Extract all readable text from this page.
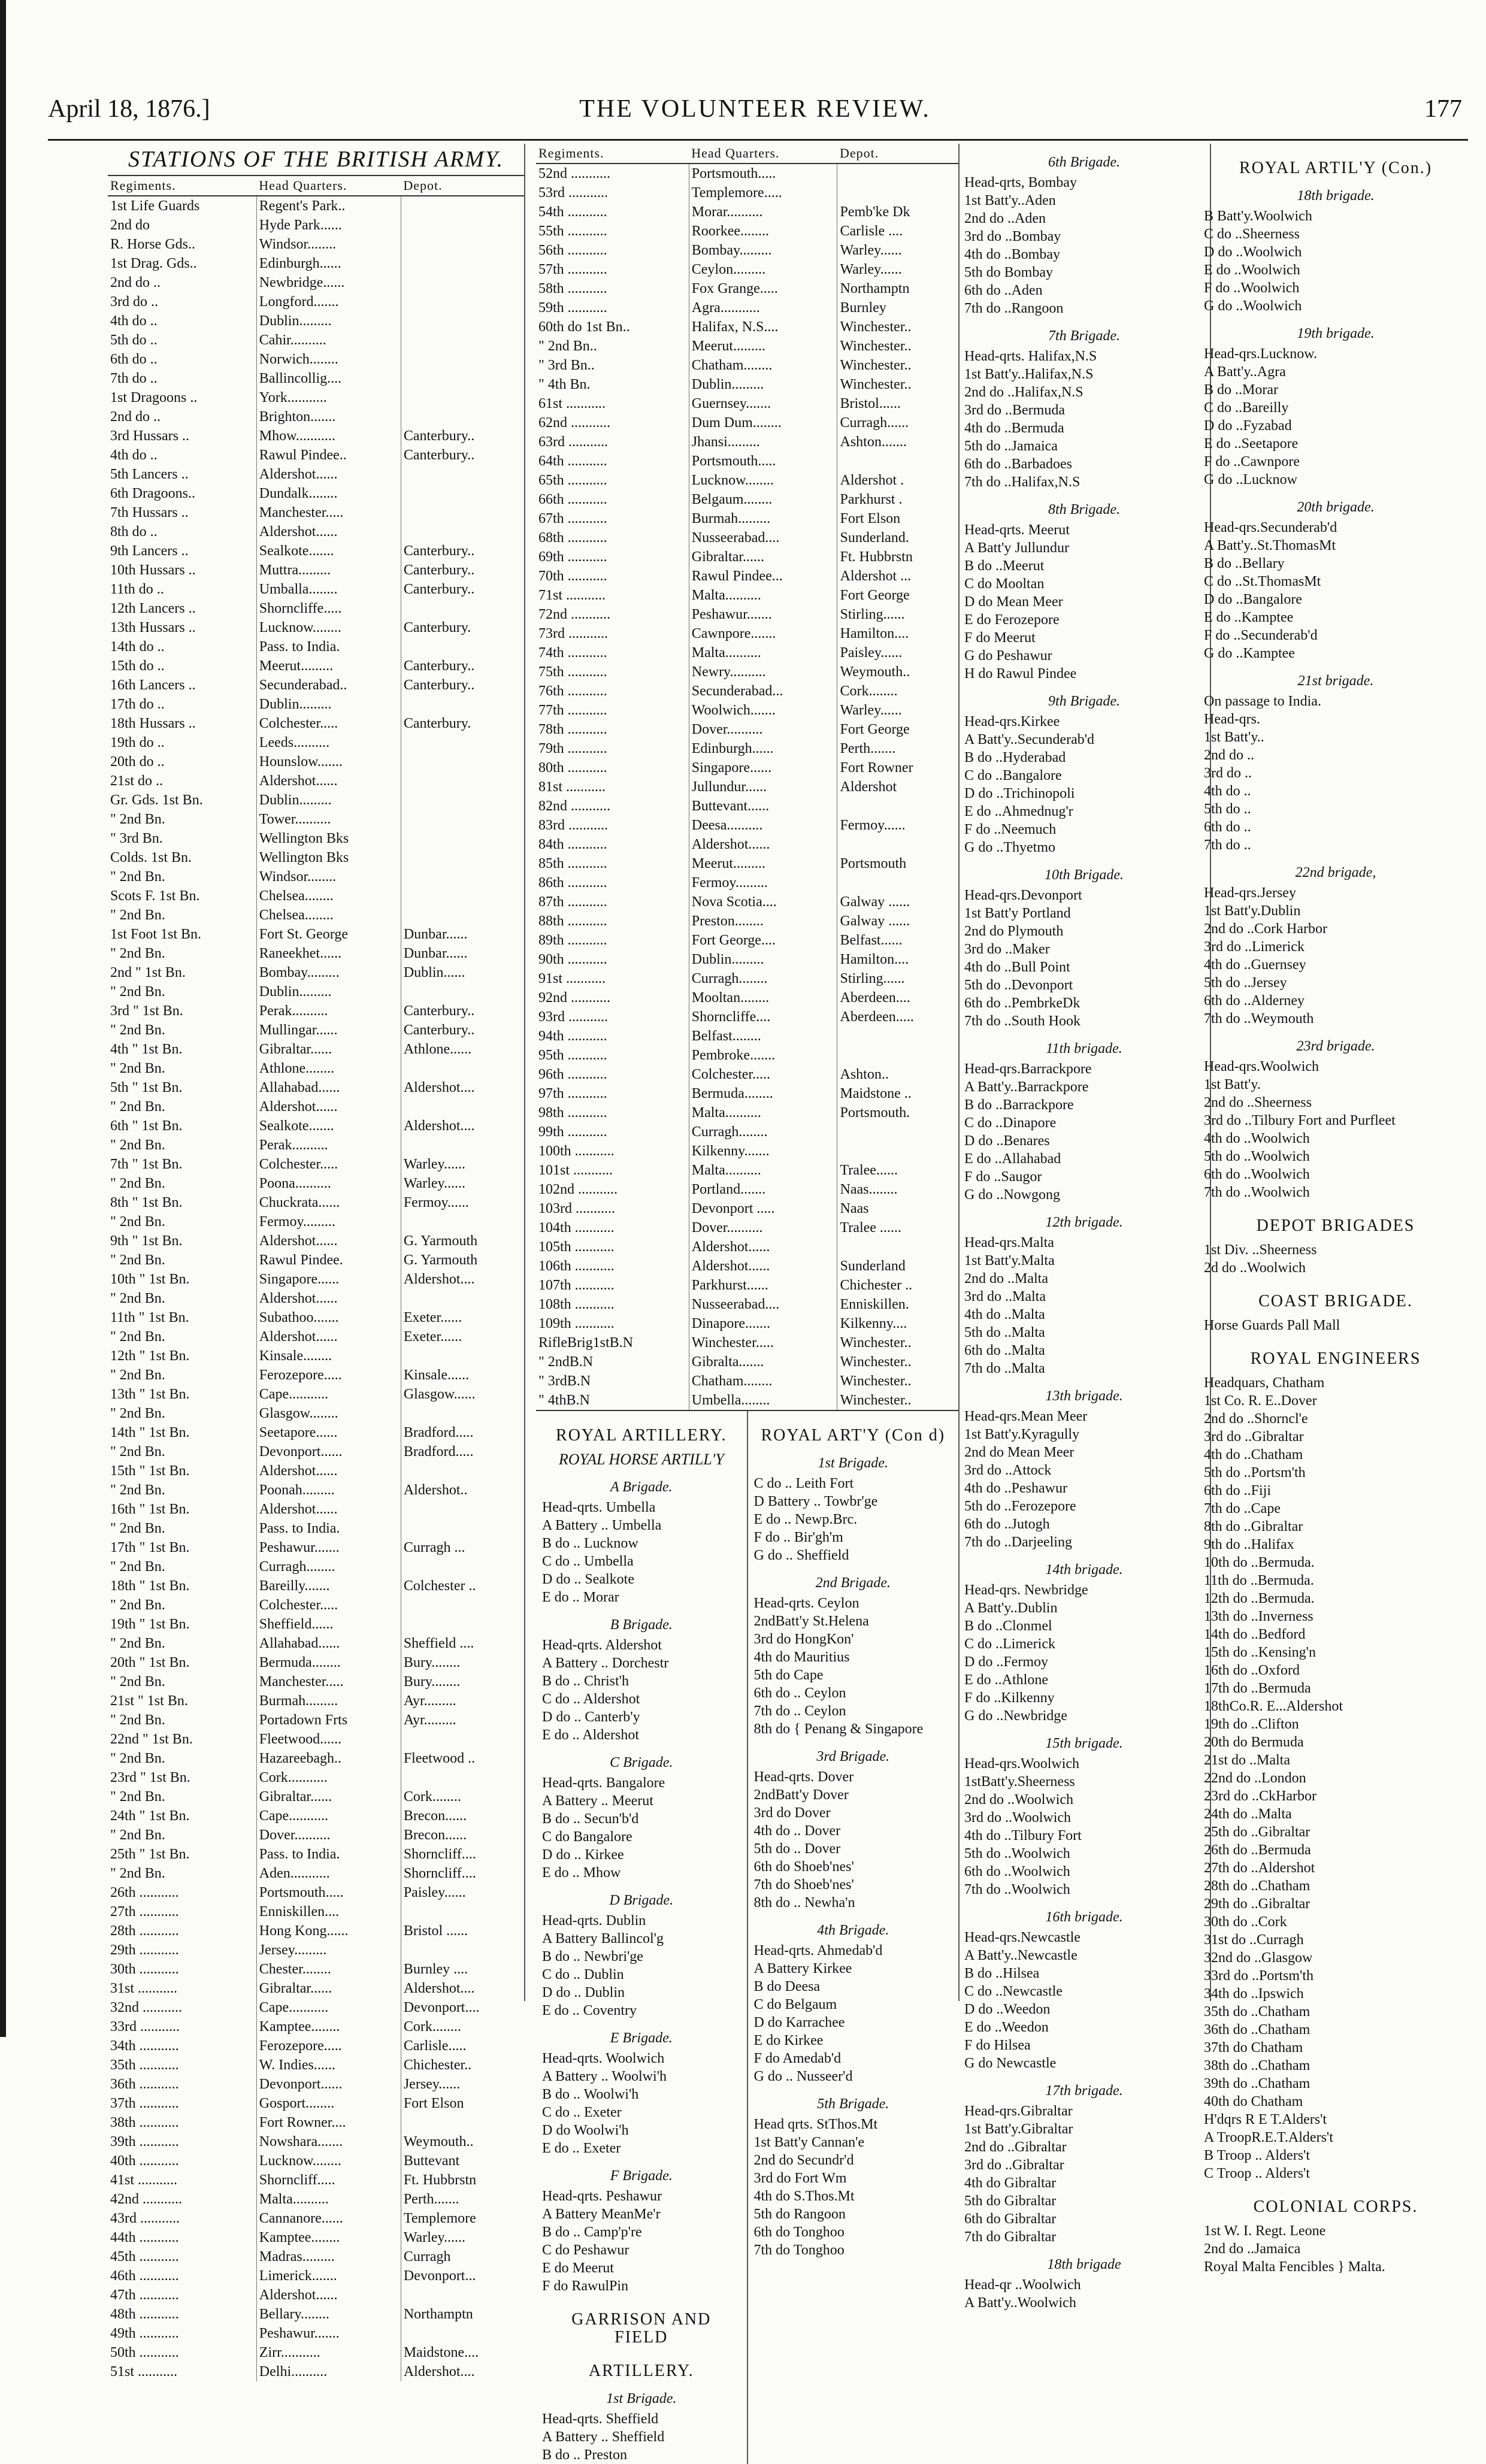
April 18, 1876.]	THE VOLUNTEER REVIEW.	177
STATIONS OF THE BRITISH ARMY.
Regiments.	Head Quarters.	Depot.
1st Life Guards	Regent's Park..	
2nd do	Hyde Park......	
R. Horse Gds..	Windsor........	
1st Drag. Gds..	Edinburgh......	
2nd do ..	Newbridge......	
3rd do ..	Longford.......	
4th do ..	Dublin.........	
5th do ..	Cahir..........	
6th do ..	Norwich........	
7th do ..	Ballincollig....	
1st Dragoons ..	York...........	
2nd do ..	Brighton.......	
3rd Hussars ..	Mhow...........	Canterbury..
4th do ..	Rawul Pindee..	Canterbury..
5th Lancers ..	Aldershot......	
6th Dragoons..	Dundalk........	
7th Hussars ..	Manchester.....	
8th do ..	Aldershot......	
9th Lancers ..	Sealkote.......	Canterbury..
10th Hussars ..	Muttra.........	Canterbury..
11th do ..	Umballa........	Canterbury..
12th Lancers ..	Shorncliffe.....	
13th Hussars ..	Lucknow........	Canterbury.
14th do ..	Pass. to India.	
15th do ..	Meerut.........	Canterbury..
16th Lancers ..	Secunderabad..	Canterbury..
17th do ..	Dublin.........	
18th Hussars ..	Colchester.....	Canterbury.
19th do ..	Leeds..........	
20th do ..	Hounslow.......	
21st do ..	Aldershot......	
Gr. Gds. 1st Bn.	Dublin.........	
" 2nd Bn.	Tower..........	
" 3rd Bn.	Wellington Bks	
Colds. 1st Bn.	Wellington Bks	
" 2nd Bn.	Windsor........	
Scots F. 1st Bn.	Chelsea........	
" 2nd Bn.	Chelsea........	
1st Foot 1st Bn.	Fort St. George	Dunbar......
" 2nd Bn.	Raneekhet......	Dunbar......
2nd " 1st Bn.	Bombay.........	Dublin......
" 2nd Bn.	Dublin.........	
3rd " 1st Bn.	Perak..........	Canterbury..
" 2nd Bn.	Mullingar......	Canterbury..
4th " 1st Bn.	Gibraltar......	Athlone......
" 2nd Bn.	Athlone........	
5th " 1st Bn.	Allahabad......	Aldershot....
" 2nd Bn.	Aldershot......	
6th " 1st Bn.	Sealkote.......	Aldershot....
" 2nd Bn.	Perak..........	
7th " 1st Bn.	Colchester.....	Warley......
" 2nd Bn.	Poona..........	Warley......
8th " 1st Bn.	Chuckrata......	Fermoy......
" 2nd Bn.	Fermoy.........	
9th " 1st Bn.	Aldershot......	G. Yarmouth
" 2nd Bn.	Rawul Pindee.	G. Yarmouth
10th " 1st Bn.	Singapore......	Aldershot....
" 2nd Bn.	Aldershot......	
11th " 1st Bn.	Subathoo.......	Exeter......
" 2nd Bn.	Aldershot......	Exeter......
12th " 1st Bn.	Kinsale........	
" 2nd Bn.	Ferozepore.....	Kinsale......
13th " 1st Bn.	Cape...........	Glasgow......
" 2nd Bn.	Glasgow........	
14th " 1st Bn.	Seetapore......	Bradford.....
" 2nd Bn.	Devonport......	Bradford.....
15th " 1st Bn.	Aldershot......	
" 2nd Bn.	Poonah.........	Aldershot..
16th " 1st Bn.	Aldershot......	
" 2nd Bn.	Pass. to India.	
17th " 1st Bn.	Peshawur.......	Curragh ...
" 2nd Bn.	Curragh........	
18th " 1st Bn.	Bareilly.......	Colchester ..
" 2nd Bn.	Colchester.....	
19th " 1st Bn.	Sheffield......	
" 2nd Bn.	Allahabad......	Sheffield ....
20th " 1st Bn.	Bermuda........	Bury........
" 2nd Bn.	Manchester.....	Bury........
21st " 1st Bn.	Burmah.........	Ayr.........
" 2nd Bn.	Portadown Frts	Ayr.........
22nd " 1st Bn.	Fleetwood......	
" 2nd Bn.	Hazareebagh..	Fleetwood ..
23rd " 1st Bn.	Cork...........	
" 2nd Bn.	Gibraltar......	Cork........
24th " 1st Bn.	Cape...........	Brecon......
" 2nd Bn.	Dover..........	Brecon......
25th " 1st Bn.	Pass. to India.	Shorncliff....
" 2nd Bn.	Aden...........	Shorncliff....
26th ...........	Portsmouth.....	Paisley......
27th ...........	Enniskillen....	
28th ...........	Hong Kong......	Bristol ......
29th ...........	Jersey.........	
30th ...........	Chester........	Burnley ....
31st ...........	Gibraltar......	Aldershot....
32nd ...........	Cape...........	Devonport....
33rd ...........	Kamptee........	Cork........
34th ...........	Ferozepore.....	Carlisle.....
35th ...........	W. Indies......	Chichester..
36th ...........	Devonport......	Jersey......
37th ...........	Gosport........	Fort Elson
38th ...........	Fort Rowner....	
39th ...........	Nowshara.......	Weymouth..
40th ...........	Lucknow........	Buttevant
41st ...........	Shorncliff.....	Ft. Hubbrstn
42nd ...........	Malta..........	Perth.......
43rd ...........	Cannanore......	Templemore
44th ...........	Kamptee........	Warley......
45th ...........	Madras.........	Curragh
46th ...........	Limerick.......	Devonport...
47th ...........	Aldershot......	
48th ...........	Bellary........	Northamptn
49th ...........	Peshawur.......	
50th ...........	Zirr...........	Maidstone....
51st ...........	Delhi..........	Aldershot....
Regiments.	Head Quarters.	Depot.
52nd ...........	Portsmouth.....	
53rd ...........	Templemore.....	
54th ...........	Morar..........	Pemb'ke Dk
55th ...........	Roorkee........	Carlisle ....
56th ...........	Bombay.........	Warley......
57th ...........	Ceylon.........	Warley......
58th ...........	Fox Grange.....	Northamptn
59th ...........	Agra...........	Burnley
60th do 1st Bn..	Halifax, N.S....	Winchester..
" 2nd Bn..	Meerut.........	Winchester..
" 3rd Bn..	Chatham........	Winchester..
" 4th Bn.	Dublin.........	Winchester..
61st ...........	Guernsey.......	Bristol......
62nd ...........	Dum Dum........	Curragh......
63rd ...........	Jhansi.........	Ashton.......
64th ...........	Portsmouth.....	
65th ...........	Lucknow........	Aldershot .
66th ...........	Belgaum........	Parkhurst .
67th ...........	Burmah.........	Fort Elson
68th ...........	Nusseerabad....	Sunderland.
69th ...........	Gibraltar......	Ft. Hubbrstn
70th ...........	Rawul Pindee...	Aldershot ...
71st ...........	Malta..........	Fort George
72nd ...........	Peshawur.......	Stirling......
73rd ...........	Cawnpore.......	Hamilton....
74th ...........	Malta..........	Paisley......
75th ...........	Newry..........	Weymouth..
76th ...........	Secunderabad...	Cork........
77th ...........	Woolwich.......	Warley......
78th ...........	Dover..........	Fort George
79th ...........	Edinburgh......	Perth.......
80th ...........	Singapore......	Fort Rowner
81st ...........	Jullundur......	Aldershot
82nd ...........	Buttevant......	
83rd ...........	Deesa..........	Fermoy......
84th ...........	Aldershot......	
85th ...........	Meerut.........	Portsmouth
86th ...........	Fermoy.........	
87th ...........	Nova Scotia....	Galway ......
88th ...........	Preston........	Galway ......
89th ...........	Fort George....	Belfast......
90th ...........	Dublin.........	Hamilton....
91st ...........	Curragh........	Stirling......
92nd ...........	Mooltan........	Aberdeen....
93rd ...........	Shorncliffe....	Aberdeen.....
94th ...........	Belfast........	
95th ...........	Pembroke.......	
96th ...........	Colchester.....	Ashton..
97th ...........	Bermuda........	Maidstone ..
98th ...........	Malta..........	Portsmouth.
99th ...........	Curragh........	
100th ...........	Kilkenny.......	
101st ...........	Malta..........	Tralee......
102nd ...........	Portland.......	Naas........
103rd ...........	Devonport .....	Naas
104th ...........	Dover..........	Tralee ......
105th ...........	Aldershot......	
106th ...........	Aldershot......	Sunderland
107th ...........	Parkhurst......	Chichester ..
108th ...........	Nusseerabad....	Enniskillen.
109th ...........	Dinapore.......	Kilkenny....
RifleBrig1stB.N	Winchester.....	Winchester..
" 2ndB.N	Gibralta.......	Winchester..
" 3rdB.N	Chatham........	Winchester..
" 4thB.N	Umbella........	Winchester..
ROYAL ARTILLERY.
ROYAL HORSE ARTILL'Y
A Brigade.
Head-qrts. Umbella
A Battery .. Umbella
B do .. Lucknow
C do .. Umbella
D do .. Sealkote
E do .. Morar
B Brigade.
Head-qrts. Aldershot
A Battery .. Dorchestr
B do .. Christ'h
C do .. Aldershot
D do .. Canterb'y
E do .. Aldershot
C Brigade.
Head-qrts. Bangalore
A Battery .. Meerut
B do .. Secun'b'd
C do Bangalore
D do .. Kirkee
E do .. Mhow
D Brigade.
Head-qrts. Dublin
A Battery Ballincol'g
B do .. Newbri'ge
C do .. Dublin
D do .. Dublin
E do .. Coventry
E Brigade.
Head-qrts. Woolwich
A Battery .. Woolwi'h
B do .. Woolwi'h
C do .. Exeter
D do Woolwi'h
E do .. Exeter
F Brigade.
Head-qrts. Peshawur
A Battery MeanMe'r
B do .. Camp'p're
C do Peshawur
E do Meerut
F do RawulPin
GARRISON AND FIELD
ARTILLERY.
1st Brigade.
Head-qrts. Sheffield
A Battery .. Sheffield
B do .. Preston
ROYAL ART'Y (Con d)
1st Brigade.
C do .. Leith Fort
D Battery .. Towbr'ge
E do .. Newp.Brc.
F do .. Bir'gh'm
G do .. Sheffield
2nd Brigade.
Head-qrts. Ceylon
2ndBatt'y St.Helena
3rd do HongKon'
4th do Mauritius
5th do Cape
6th do .. Ceylon
7th do .. Ceylon
8th do { Penang & Singapore
3rd Brigade.
Head-qrts. Dover
2ndBatt'y Dover
3rd do Dover
4th do .. Dover
5th do .. Dover
6th do Shoeb'nes'
7th do Shoeb'nes'
8th do .. Newha'n
4th Brigade.
Head-qrts. Ahmedab'd
A Battery Kirkee
B do Deesa
C do Belgaum
D do Karrachee
E do Kirkee
F do Amedab'd
G do .. Nusseer'd
5th Brigade.
Head qrts. StThos.Mt
1st Batt'y Cannan'e
2nd do Secundr'd
3rd do Fort Wm
4th do S.Thos.Mt
5th do Rangoon
6th do Tonghoo
7th do Tonghoo
6th Brigade.
Head-qrts, Bombay
1st Batt'y..Aden
2nd do ..Aden
3rd do ..Bombay
4th do ..Bombay
5th do Bombay
6th do ..Aden
7th do ..Rangoon
7th Brigade.
Head-qrts. Halifax,N.S
1st Batt'y..Halifax,N.S
2nd do ..Halifax,N.S
3rd do ..Bermuda
4th do ..Bermuda
5th do ..Jamaica
6th do ..Barbadoes
7th do ..Halifax,N.S
8th Brigade.
Head-qrts. Meerut
A Batt'y Jullundur
B do ..Meerut
C do Mooltan
D do Mean Meer
E do Ferozepore
F do Meerut
G do Peshawur
H do Rawul Pindee
9th Brigade.
Head-qrs.Kirkee
A Batt'y..Secunderab'd
B do ..Hyderabad
C do ..Bangalore
D do ..Trichinopoli
E do ..Ahmednug'r
F do ..Neemuch
G do ..Thyetmo
10th Brigade.
Head-qrs.Devonport
1st Batt'y Portland
2nd do Plymouth
3rd do ..Maker
4th do ..Bull Point
5th do ..Devonport
6th do ..PembrkeDk
7th do ..South Hook
11th brigade.
Head-qrs.Barrackpore
A Batt'y..Barrackpore
B do ..Barrackpore
C do ..Dinapore
D do ..Benares
E do ..Allahabad
F do ..Saugor
G do ..Nowgong
12th brigade.
Head-qrs.Malta
1st Batt'y.Malta
2nd do ..Malta
3rd do ..Malta
4th do ..Malta
5th do ..Malta
6th do ..Malta
7th do ..Malta
13th brigade.
Head-qrs.Mean Meer
1st Batt'y.Kyragully
2nd do Mean Meer
3rd do ..Attock
4th do ..Peshawur
5th do ..Ferozepore
6th do ..Jutogh
7th do ..Darjeeling
14th brigade.
Head-qrs. Newbridge
A Batt'y..Dublin
B do ..Clonmel
C do ..Limerick
D do ..Fermoy
E do ..Athlone
F do ..Kilkenny
G do ..Newbridge
15th brigade.
Head-qrs.Woolwich
1stBatt'y.Sheerness
2nd do ..Woolwich
3rd do ..Woolwich
4th do ..Tilbury Fort
5th do ..Woolwich
6th do ..Woolwich
7th do ..Woolwich
16th brigade.
Head-qrs.Newcastle
A Batt'y..Newcastle
B do ..Hilsea
C do ..Newcastle
D do ..Weedon
E do ..Weedon
F do Hilsea
G do Newcastle
17th brigade.
Head-qrs.Gibraltar
1st Batt'y.Gibraltar
2nd do ..Gibraltar
3rd do ..Gibraltar
4th do Gibraltar
5th do Gibraltar
6th do Gibraltar
7th do Gibraltar
18th brigade
Head-qr ..Woolwich
A Batt'y..Woolwich
ROYAL ARTIL'Y (Con.)
18th brigade.
B Batt'y.Woolwich
C do ..Sheerness
D do ..Woolwich
E do ..Woolwich
F do ..Woolwich
G do ..Woolwich
19th brigade.
Head-qrs.Lucknow.
A Batt'y..Agra
B do ..Morar
C do ..Bareilly
D do ..Fyzabad
E do ..Seetapore
F do ..Cawnpore
G do ..Lucknow
20th brigade.
Head-qrs.Secunderab'd
A Batt'y..St.ThomasMt
B do ..Bellary
C do ..St.ThomasMt
D do ..Bangalore
E do ..Kamptee
F do ..Secunderab'd
G do ..Kamptee
21st brigade.
On passage to India.
Head-qrs.
1st Batt'y..
2nd do ..
3rd do ..
4th do ..
5th do ..
6th do ..
7th do ..
22nd brigade,
Head-qrs.Jersey
1st Batt'y.Dublin
2nd do ..Cork Harbor
3rd do ..Limerick
4th do ..Guernsey
5th do ..Jersey
6th do ..Alderney
7th do ..Weymouth
23rd brigade.
Head-qrs.Woolwich
1st Batt'y.
2nd do ..Sheerness
3rd do ..Tilbury Fort and Purfleet
4th do ..Woolwich
5th do ..Woolwich
6th do ..Woolwich
7th do ..Woolwich
DEPOT BRIGADES
1st Div. ..Sheerness
2d do ..Woolwich
COAST BRIGADE.
Horse Guards Pall Mall
ROYAL ENGINEERS
Headquars, Chatham
1st Co. R. E..Dover
2nd do ..Shorncl'e
3rd do ..Gibraltar
4th do ..Chatham
5th do ..Portsm'th
6th do ..Fiji
7th do ..Cape
8th do ..Gibraltar
9th do ..Halifax
10th do ..Bermuda.
11th do ..Bermuda.
12th do ..Bermuda.
13th do ..Inverness
14th do ..Bedford
15th do ..Kensing'n
16th do ..Oxford
17th do ..Bermuda
18thCo.R. E...Aldershot
19th do ..Clifton
20th do Bermuda
21st do ..Malta
22nd do ..London
23rd do ..CkHarbor
24th do ..Malta
25th do ..Gibraltar
26th do ..Bermuda
27th do ..Aldershot
28th do ..Chatham
29th do ..Gibraltar
30th do ..Cork
31st do ..Curragh
32nd do ..Glasgow
33rd do ..Portsm'th
34th do ..Ipswich
35th do ..Chatham
36th do ..Chatham
37th do Chatham
38th do ..Chatham
39th do ..Chatham
40th do Chatham
H'dqrs R E T.Alders't
A TroopR.E.T.Alders't
B Troop .. Alders't
C Troop .. Alders't
COLONIAL CORPS.
1st W. I. Regt. Leone
2nd do ..Jamaica
Royal Malta Fencibles } Malta.
